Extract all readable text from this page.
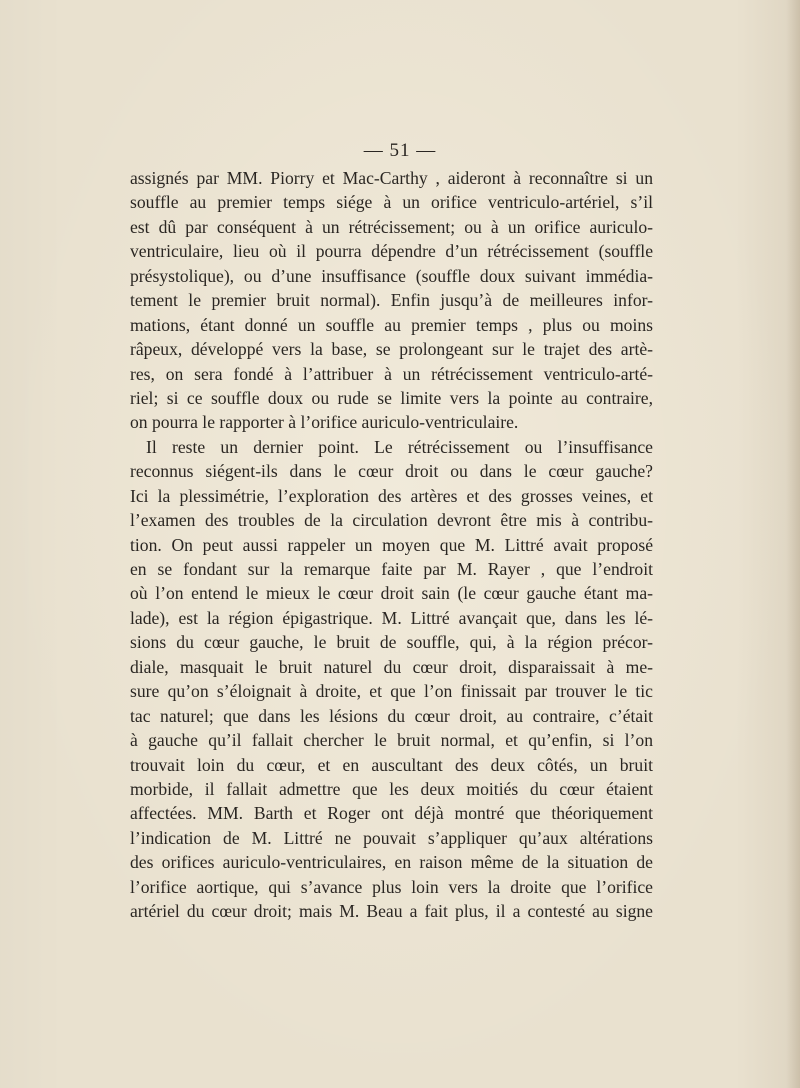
— 51 —
assignés par MM. Piorry et Mac-Carthy , aideront à reconnaître si un
souffle au premier temps siége à un orifice ventriculo-artériel, s’il
est dû par conséquent à un rétrécissement; ou à un orifice auriculo-
ventriculaire, lieu où il pourra dépendre d’un rétrécissement (souffle
présystolique), ou d’une insuffisance (souffle doux suivant immédia-
tement le premier bruit normal). Enfin jusqu’à de meilleures infor-
mations, étant donné un souffle au premier temps , plus ou moins
râpeux, développé vers la base, se prolongeant sur le trajet des artè-
res, on sera fondé à l’attribuer à un rétrécissement ventriculo-arté-
riel; si ce souffle doux ou rude se limite vers la pointe au contraire,
on pourra le rapporter à l’orifice auriculo-ventriculaire.
Il reste un dernier point. Le rétrécissement ou l’insuffisance
reconnus siégent-ils dans le cœur droit ou dans le cœur gauche?
Ici la plessimétrie, l’exploration des artères et des grosses veines, et
l’examen des troubles de la circulation devront être mis à contribu-
tion. On peut aussi rappeler un moyen que M. Littré avait proposé
en se fondant sur la remarque faite par M. Rayer , que l’endroit
où l’on entend le mieux le cœur droit sain (le cœur gauche étant ma-
lade), est la région épigastrique. M. Littré avançait que, dans les lé-
sions du cœur gauche, le bruit de souffle, qui, à la région précor-
diale, masquait le bruit naturel du cœur droit, disparaissait à me-
sure qu’on s’éloignait à droite, et que l’on finissait par trouver le tic
tac naturel; que dans les lésions du cœur droit, au contraire, c’était
à gauche qu’il fallait chercher le bruit normal, et qu’enfin, si l’on
trouvait loin du cœur, et en auscultant des deux côtés, un bruit
morbide, il fallait admettre que les deux moitiés du cœur étaient
affectées. MM. Barth et Roger ont déjà montré que théoriquement
l’indication de M. Littré ne pouvait s’appliquer qu’aux altérations
des orifices auriculo-ventriculaires, en raison même de la situation de
l’orifice aortique, qui s’avance plus loin vers la droite que l’orifice
artériel du cœur droit; mais M. Beau a fait plus, il a contesté au signe
